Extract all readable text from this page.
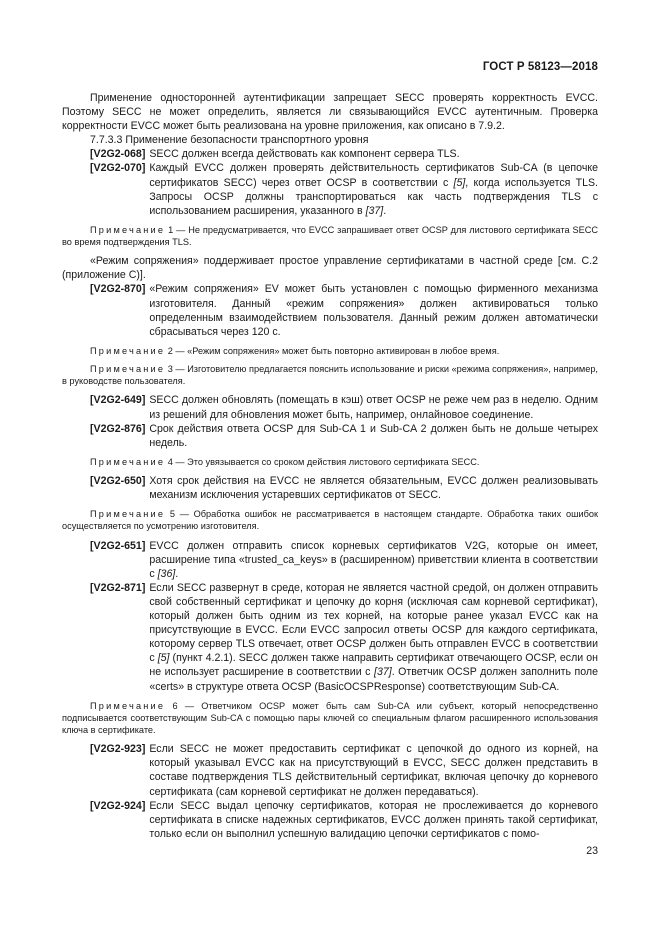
ГОСТ Р 58123—2018

Применение односторонней аутентификации запрещает SECC проверять корректность EVCC. Поэтому SECC не может определить, является ли связывающийся EVCC аутентичным. Проверка корректности EVCC может быть реализована на уровне приложения, как описано в 7.9.2.

7.7.3.3 Применение безопасности транспортного уровня

[V2G2-068] SECC должен всегда действовать как компонент сервера TLS.
[V2G2-070] Каждый EVCC должен проверять действительность сертификатов Sub-CA (в цепочке сертификатов SECC) через ответ OCSP в соответствии с [5], когда используется TLS. Запросы OCSP должны транспортироваться как часть подтверждения TLS с использованием расширения, указанного в [37].

Примечание 1 — Не предусматривается, что EVCC запрашивает ответ OCSP для листового сертификата SECC во время подтверждения TLS.

«Режим сопряжения» поддерживает простое управление сертификатами в частной среде [см. С.2 (приложение С)].

[V2G2-870] «Режим сопряжения» EV может быть установлен с помощью фирменного механизма изготовителя. Данный «режим сопряжения» должен активироваться только определенным взаимодействием пользователя. Данный режим должен автоматически сбрасываться через 120 с.

Примечание 2 — «Режим сопряжения» может быть повторно активирован в любое время.

Примечание 3 — Изготовителю предлагается пояснить использование и риски «режима сопряжения», например, в руководстве пользователя.

[V2G2-649] SECC должен обновлять (помещать в кэш) ответ OCSP не реже чем раз в неделю. Одним из решений для обновления может быть, например, онлайновое соединение.
[V2G2-876] Срок действия ответа OCSP для Sub-CA 1 и Sub-CA 2 должен быть не дольше четырех недель.

Примечание 4 — Это увязывается со сроком действия листового сертификата SECC.

[V2G2-650] Хотя срок действия на EVCC не является обязательным, EVCC должен реализовывать механизм исключения устаревших сертификатов от SECC.

Примечание 5 — Обработка ошибок не рассматривается в настоящем стандарте. Обработка таких ошибок осуществляется по усмотрению изготовителя.

[V2G2-651] EVCC должен отправить список корневых сертификатов V2G, которые он имеет, расширение типа «trusted_ca_keys» в (расширенном) приветствии клиента в соответствии с [36].
[V2G2-871] Если SECC развернут в среде, которая не является частной средой, он должен отправить свой собственный сертификат и цепочку до корня (исключая сам корневой сертификат), который должен быть одним из тех корней, на которые ранее указал EVCC как на присутствующие в EVCC. Если EVCC запросил ответы OCSP для каждого сертификата, которому сервер TLS отвечает, ответ OCSP должен быть отправлен EVCC в соответствии с [5] (пункт 4.2.1). SECC должен также направить сертификат отвечающего OCSP, если он не использует расширение в соответствии с [37]. Ответчик OCSP должен заполнить поле «certs» в структуре ответа OCSP (BasicOCSPResponse) соответствующим Sub-CA.

Примечание 6 — Ответчиком OCSP может быть сам Sub-CA или субъект, который непосредственно подписывается соответствующим Sub-CA с помощью пары ключей со специальным флагом расширенного использования ключа в сертификате.

[V2G2-923] Если SECC не может предоставить сертификат с цепочкой до одного из корней, на который указывал EVCC как на присутствующий в EVCC, SECC должен представить в составе подтверждения TLS действительный сертификат, включая цепочку до корневого сертификата (сам корневой сертификат не должен передаваться).
[V2G2-924] Если SECC выдал цепочку сертификатов, которая не прослеживается до корневого сертификата в списке надежных сертификатов, EVCC должен принять такой сертификат, только если он выполнил успешную валидацию цепочки сертификатов с помо-
23
